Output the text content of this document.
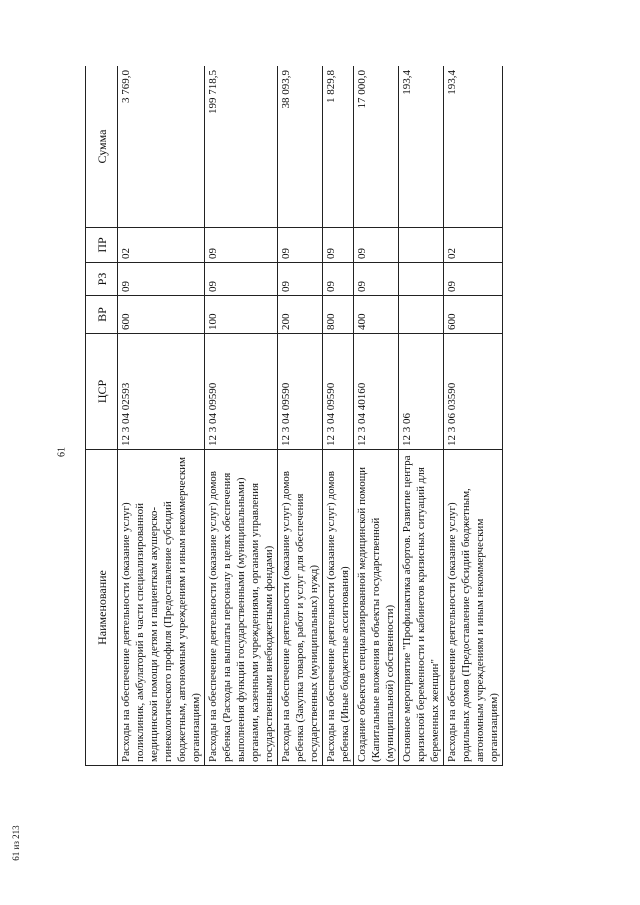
61
Наименование	ЦСР	ВР	РЗ	ПР	Сумма
Расходы на обеспечение деятельности (оказание услуг) поликлиник, амбулаторий в части специализированной медицинской помощи детям и пациенткам акушерско-гинекологического профиля (Предоставление субсидий бюджетным, автономным учреждениям и иным некоммерческим организациям)	12 3 04 02593	600	09	02	3 769,0
Расходы на обеспечение деятельности (оказание услуг) домов ребенка (Расходы на выплаты персоналу в целях обеспечения выполнения функций государственными (муниципальными) органами, казенными учреждениями, органами управления государственными внебюджетными фондами)	12 3 04 09590	100	09	09	199 718,5
Расходы на обеспечение деятельности (оказание услуг) домов ребенка (Закупка товаров, работ и услуг для обеспечения государственных (муниципальных) нужд)	12 3 04 09590	200	09	09	38 093,9
Расходы на обеспечение деятельности (оказание услуг) домов ребенка (Иные бюджетные ассигнования)	12 3 04 09590	800	09	09	1 829,8
Создание объектов специализированной медицинской помощи (Капитальные вложения в объекты государственной (муниципальной) собственности)	12 3 04 40160	400	09	09	17 000,0
Основное мероприятие "Профилактика абортов. Развитие центра кризисной беременности и кабинетов кризисных ситуаций для беременных женщин"	12 3 06				193,4
Расходы на обеспечение деятельности (оказание услуг) родильных домов (Предоставление субсидий бюджетным, автономным учреждениям и иным некоммерческим организациям)	12 3 06 03590	600	09	02	193,4
61 из 213
